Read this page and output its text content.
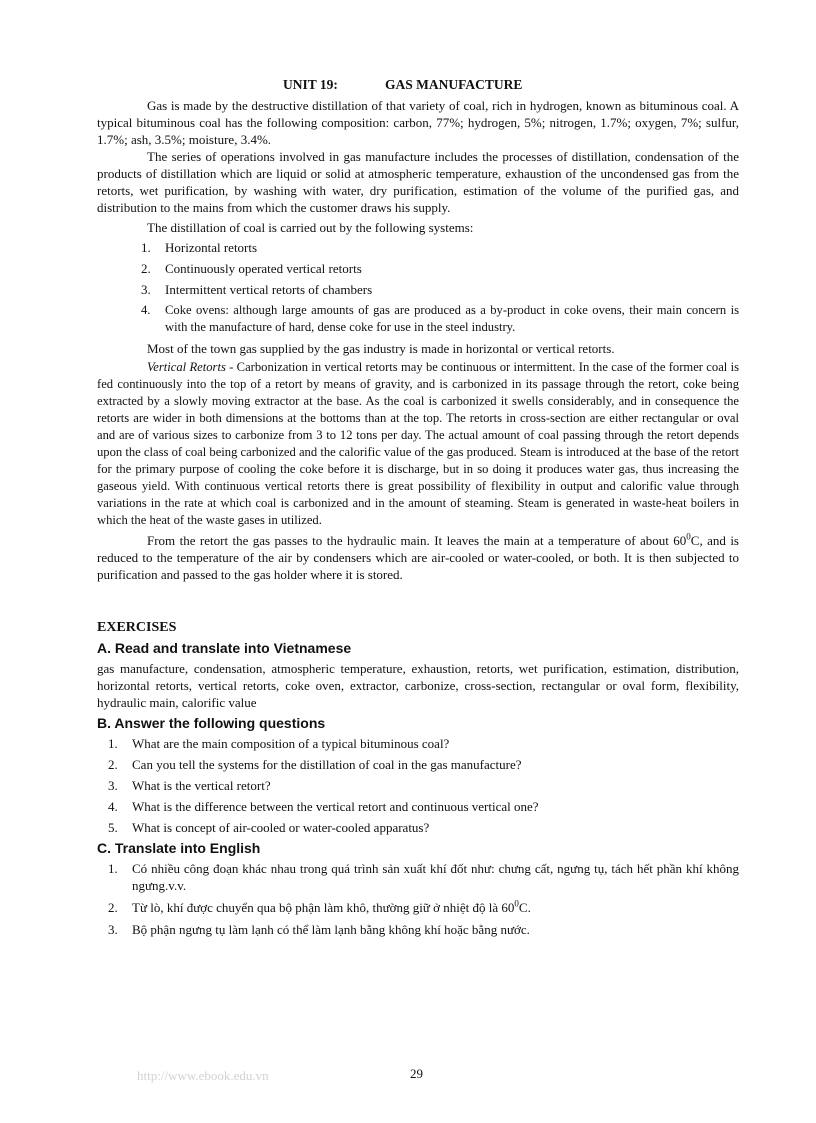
UNIT 19:	GAS MANUFACTURE

Gas is made by the destructive distillation of that variety of coal, rich in hydrogen, known as bituminous coal. A typical bituminous coal has the following composition: carbon, 77%; hydrogen, 5%; nitrogen, 1.7%; oxygen, 7%; sulfur, 1.7%; ash, 3.5%; moisture, 3.4%.

The series of operations involved in gas manufacture includes the processes of distillation, condensation of the products of distillation which are liquid or solid at atmospheric temperature, exhaustion of the uncondensed gas from the retorts, wet purification, by washing with water, dry purification, estimation of the volume of the purified gas, and distribution to the mains from which the customer draws his supply.

The distillation of coal is carried out by the following systems:

1. Horizontal retorts
2. Continuously operated vertical retorts
3. Intermittent vertical retorts of chambers
4. Coke ovens: although large amounts of gas are produced as a by-product in coke ovens, their main concern is with the manufacture of hard, dense coke for use in the steel industry.

Most of the town gas supplied by the gas industry is made in horizontal or vertical retorts.

Vertical Retorts - Carbonization in vertical retorts may be continuous or intermittent. In the case of the former coal is fed continuously into the top of a retort by means of gravity, and is carbonized in its passage through the retort, coke being extracted by a slowly moving extractor at the base. As the coal is carbonized it swells considerably, and in consequence the retorts are wider in both dimensions at the bottoms than at the top. The retorts in cross-section are either rectangular or oval and are of various sizes to carbonize from 3 to 12 tons per day. The actual amount of coal passing through the retort depends upon the class of coal being carbonized and the calorific value of the gas produced. Steam is introduced at the base of the retort for the primary purpose of cooling the coke before it is discharge, but in so doing it produces water gas, thus increasing the gaseous yield. With continuous vertical retorts there is great possibility of flexibility in output and calorific value through variations in the rate at which coal is carbonized and in the amount of steaming. Steam is generated in waste-heat boilers in which the heat of the waste gases in utilized.

From the retort the gas passes to the hydraulic main. It leaves the main at a temperature of about $60^0C$, and is reduced to the temperature of the air by condensers which are air-cooled or water-cooled, or both. It is then subjected to purification and passed to the gas holder where it is stored.

EXERCISES
A. Read and translate into Vietnamese

gas manufacture, condensation, atmospheric temperature, exhaustion, retorts, wet purification, estimation, distribution, horizontal retorts, vertical retorts, coke oven, extractor, carbonize, cross-section, rectangular or oval form, flexibility, hydraulic main, calorific value

B. Answer the following questions
1. What are the main composition of a typical bituminous coal?
2. Can you tell the systems for the distillation of coal in the gas manufacture?
3. What is the vertical retort?
4. What is the difference between the vertical retort and continuous vertical one?
5. What is concept of air-cooled or water-cooled apparatus?
C. Translate into English
1. Có nhiều công đoạn khác nhau trong quá trình sản xuất khí đốt như: chưng cất, ngưng tụ, tách hết phần khí không ngưng.v.v.
2. Từ lò, khí được chuyển qua bộ phận làm khô, thường giữ ở nhiệt độ là $60^0C$.
3. Bộ phận ngưng tụ làm lạnh có thể làm lạnh bằng không khí hoặc bằng nước.
http://www.ebook.edu.vn	29
